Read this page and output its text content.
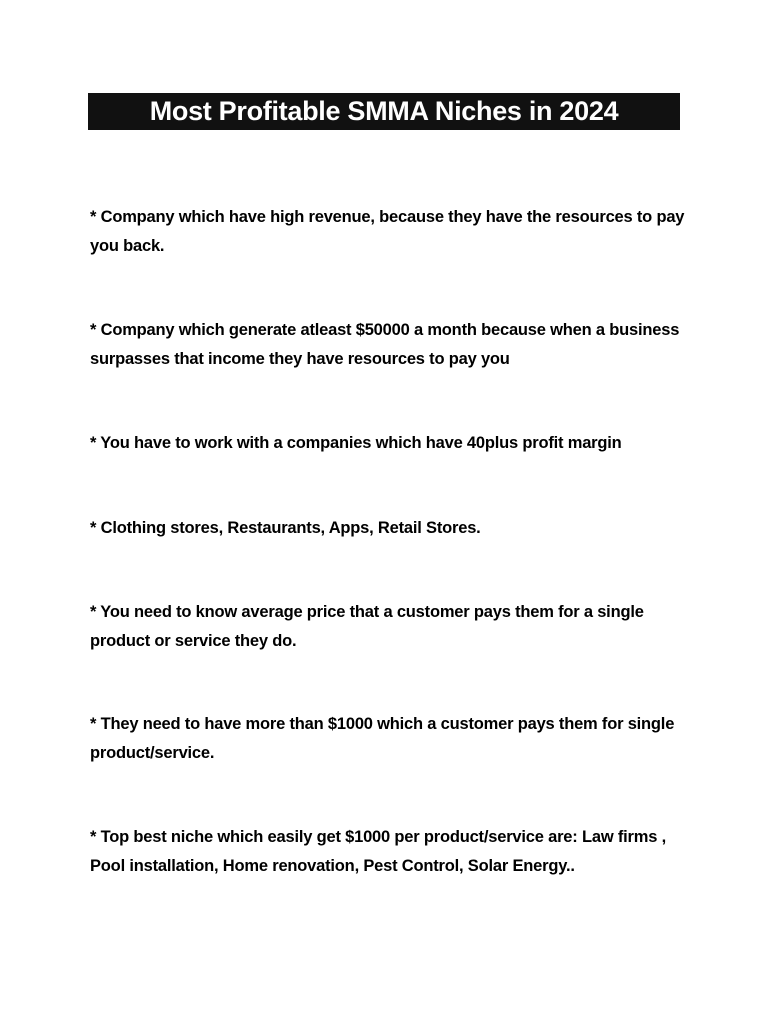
Most Profitable SMMA Niches in 2024

* Company which have high revenue, because they have the resources to pay you back.

* Company which generate atleast $50000 a month because when a business surpasses that income they have resources to pay you

* You have to work with a companies which have 40plus profit margin

* Clothing stores, Restaurants, Apps, Retail Stores.

* You need to know average price that a customer pays them for a single product or service they do.

* They need to have more than $1000 which a customer pays them for single product/service.

* Top best niche which easily get $1000 per product/service are: Law firms , Pool installation, Home renovation, Pest Control, Solar Energy..
